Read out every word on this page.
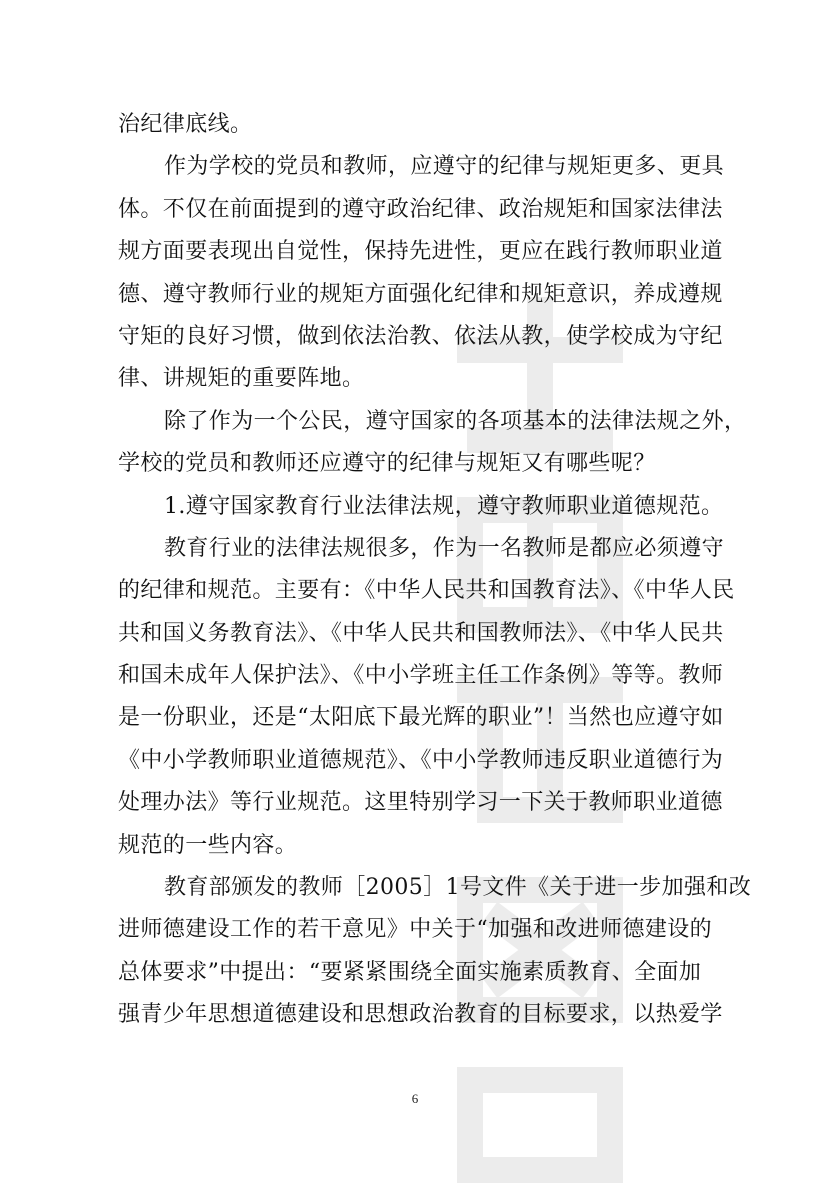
治纪律底线。
作为学校的党员和教师，应遵守的纪律与规矩更多、更具
体。不仅在前面提到的遵守政治纪律、政治规矩和国家法律法
规方面要表现出自觉性，保持先进性，更应在践行教师职业道
德、遵守教师行业的规矩方面强化纪律和规矩意识，养成遵规
守矩的良好习惯，做到依法治教、依法从教，使学校成为守纪
律、讲规矩的重要阵地。
除了作为一个公民，遵守国家的各项基本的法律法规之外，
学校的党员和教师还应遵守的纪律与规矩又有哪些呢？
1.遵守国家教育行业法律法规，遵守教师职业道德规范。
教育行业的法律法规很多，作为一名教师是都应必须遵守
的纪律和规范。主要有：《中华人民共和国教育法》、《中华人民
共和国义务教育法》、《中华人民共和国教师法》、《中华人民共
和国未成年人保护法》、《中小学班主任工作条例》等等。教师
是一份职业，还是“太阳底下最光辉的职业”！当然也应遵守如
《中小学教师职业道德规范》、《中小学教师违反职业道德行为
处理办法》等行业规范。这里特别学习一下关于教师职业道德
规范的一些内容。
教育部颁发的教师［2005］1号文件《关于进一步加强和改
进师德建设工作的若干意见》中关于“加强和改进师德建设的
总体要求”中提出：“要紧紧围绕全面实施素质教育、全面加
强青少年思想道德建设和思想政治教育的目标要求，以热爱学
6
